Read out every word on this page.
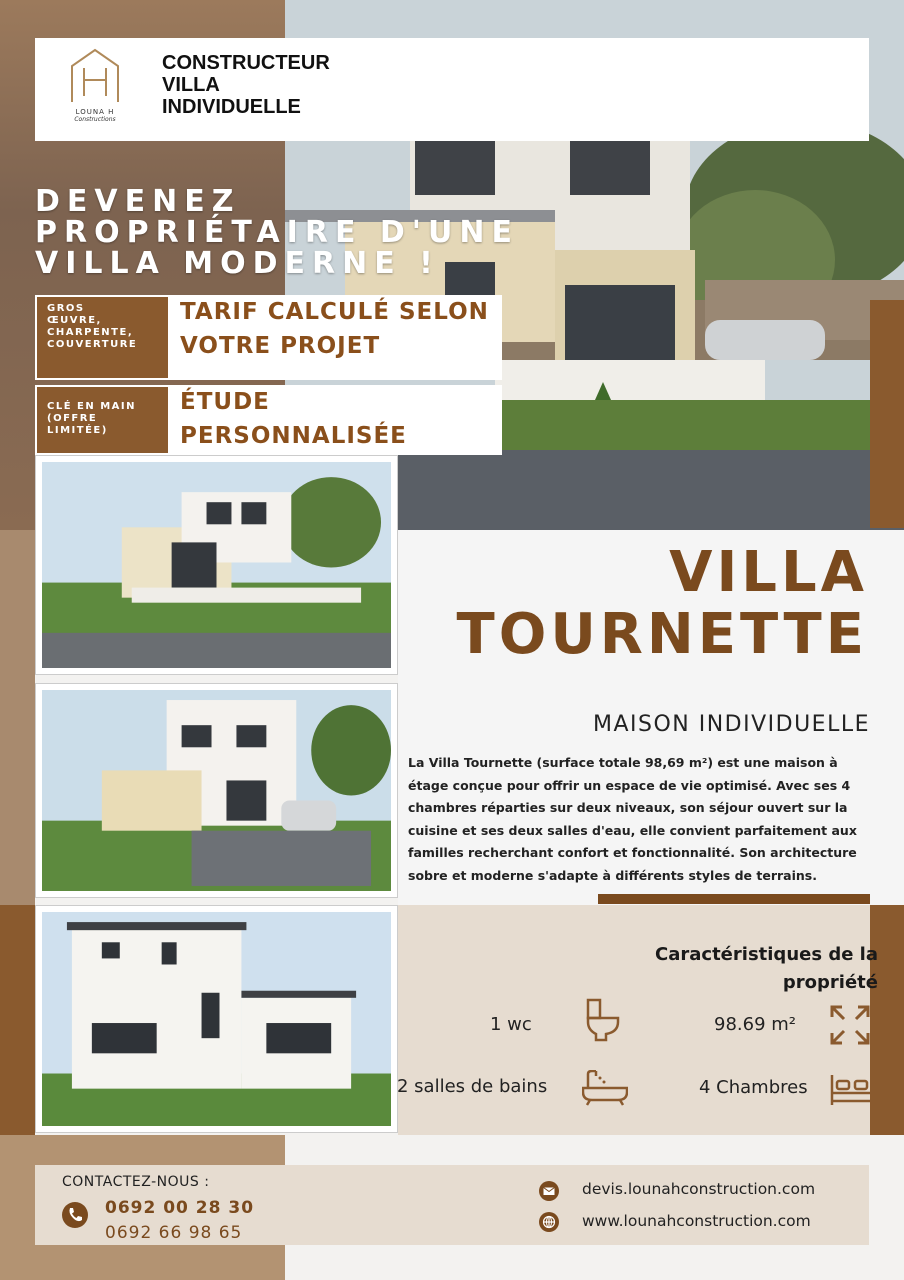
LOUNA H
Constructions
CONSTRUCTEUR
VILLA
INDIVIDUELLE
DEVENEZ
PROPRIÉTAIRE D'UNE
VILLA MODERNE !
GROS
ŒUVRE,
CHARPENTE,
COUVERTURE
TARIF CALCULÉ SELON
VOTRE PROJET
CLÉ EN MAIN
(OFFRE LIMITÉE)
ÉTUDE PERSONNALISÉE
VILLA
TOURNETTE
MAISON INDIVIDUELLE
La Villa Tournette (surface totale 98,69 m²) est une maison à étage conçue pour offrir un espace de vie optimisé. Avec ses 4 chambres réparties sur deux niveaux, son séjour ouvert sur la cuisine et ses deux salles d'eau, elle convient parfaitement aux familles recherchant confort et fonctionnalité. Son architecture sobre et moderne s'adapte à différents styles de terrains.
Caractéristiques de la
propriété
1 wc	98.69 m²
2 salles de bains	4 Chambres
CONTACTEZ-NOUS :
0692 00 28 30
0692 66 98 65
devis.lounahconstruction.com
www.lounahconstruction.com
